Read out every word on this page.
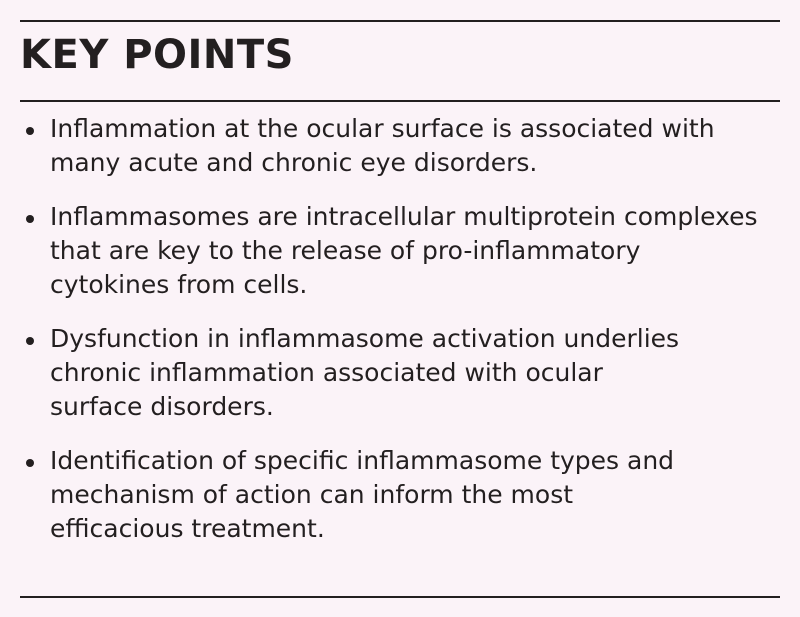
KEY POINTS
Inflammation at the ocular surface is associated with
many acute and chronic eye disorders.
Inflammasomes are intracellular multiprotein complexes
that are key to the release of pro-inflammatory
cytokines from cells.
Dysfunction in inflammasome activation underlies
chronic inflammation associated with ocular
surface disorders.
Identification of specific inflammasome types and
mechanism of action can inform the most
efficacious treatment.
